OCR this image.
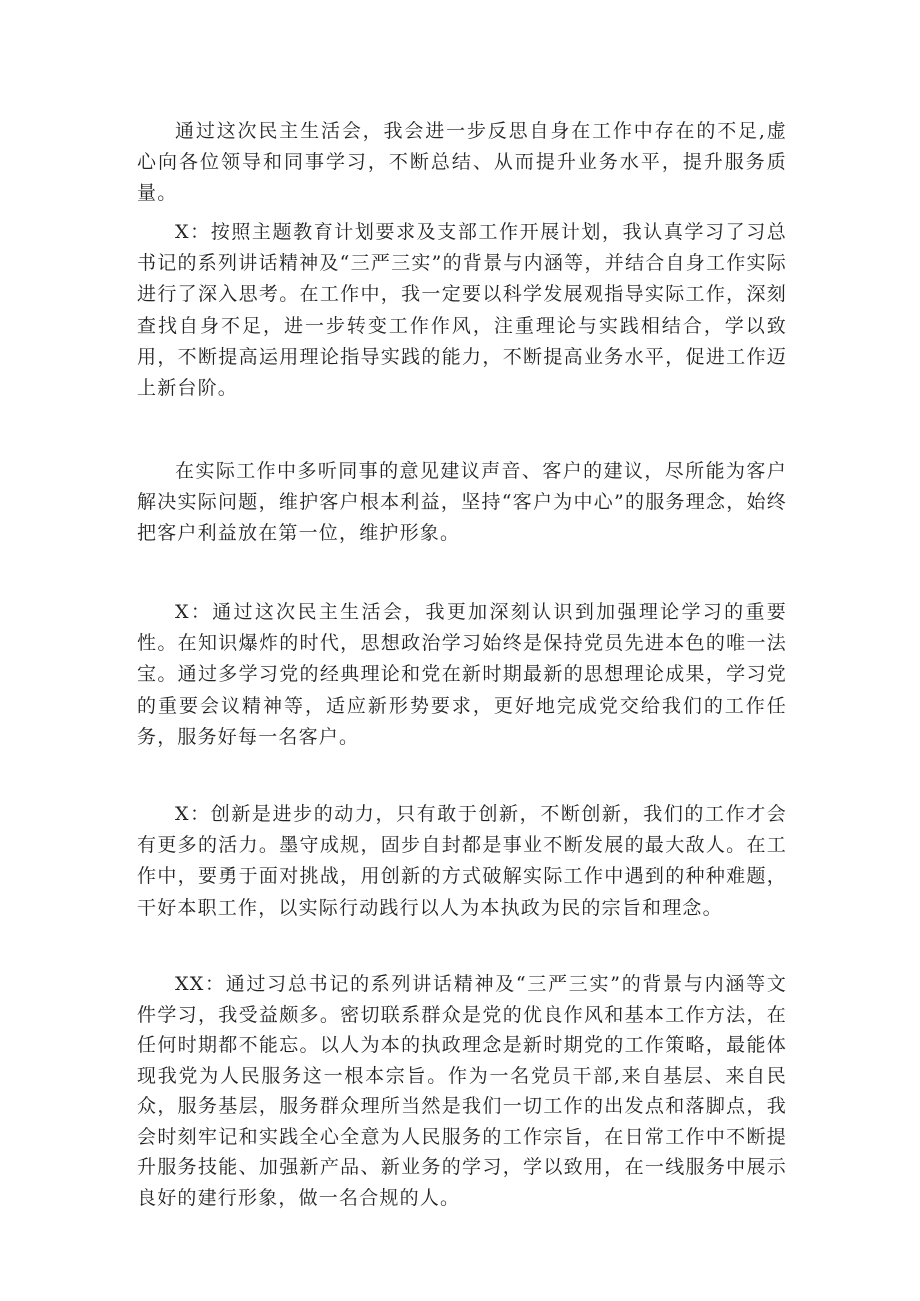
通过这次民主生活会，我会进一步反思自身在工作中存在的不足,虚心向各位领导和同事学习，不断总结、从而提升业务水平，提升服务质量。

X：按照主题教育计划要求及支部工作开展计划，我认真学习了习总书记的系列讲话精神及“三严三实”的背景与内涵等，并结合自身工作实际进行了深入思考。在工作中，我一定要以科学发展观指导实际工作，深刻查找自身不足，进一步转变工作作风，注重理论与实践相结合，学以致用，不断提高运用理论指导实践的能力，不断提高业务水平，促进工作迈上新台阶。

在实际工作中多听同事的意见建议声音、客户的建议，尽所能为客户解决实际问题，维护客户根本利益，坚持“客户为中心”的服务理念，始终把客户利益放在第一位，维护形象。

X：通过这次民主生活会，我更加深刻认识到加强理论学习的重要性。在知识爆炸的时代，思想政治学习始终是保持党员先进本色的唯一法宝。通过多学习党的经典理论和党在新时期最新的思想理论成果，学习党的重要会议精神等，适应新形势要求，更好地完成党交给我们的工作任务，服务好每一名客户。

X：创新是进步的动力，只有敢于创新，不断创新，我们的工作才会有更多的活力。墨守成规，固步自封都是事业不断发展的最大敌人。在工作中，要勇于面对挑战，用创新的方式破解实际工作中遇到的种种难题，干好本职工作，以实际行动践行以人为本执政为民的宗旨和理念。

XX：通过习总书记的系列讲话精神及“三严三实”的背景与内涵等文件学习，我受益颇多。密切联系群众是党的优良作风和基本工作方法，在任何时期都不能忘。以人为本的执政理念是新时期党的工作策略，最能体现我党为人民服务这一根本宗旨。作为一名党员干部,来自基层、来自民众，服务基层，服务群众理所当然是我们一切工作的出发点和落脚点，我会时刻牢记和实践全心全意为人民服务的工作宗旨，在日常工作中不断提升服务技能、加强新产品、新业务的学习，学以致用，在一线服务中展示良好的建行形象，做一名合规的人。
